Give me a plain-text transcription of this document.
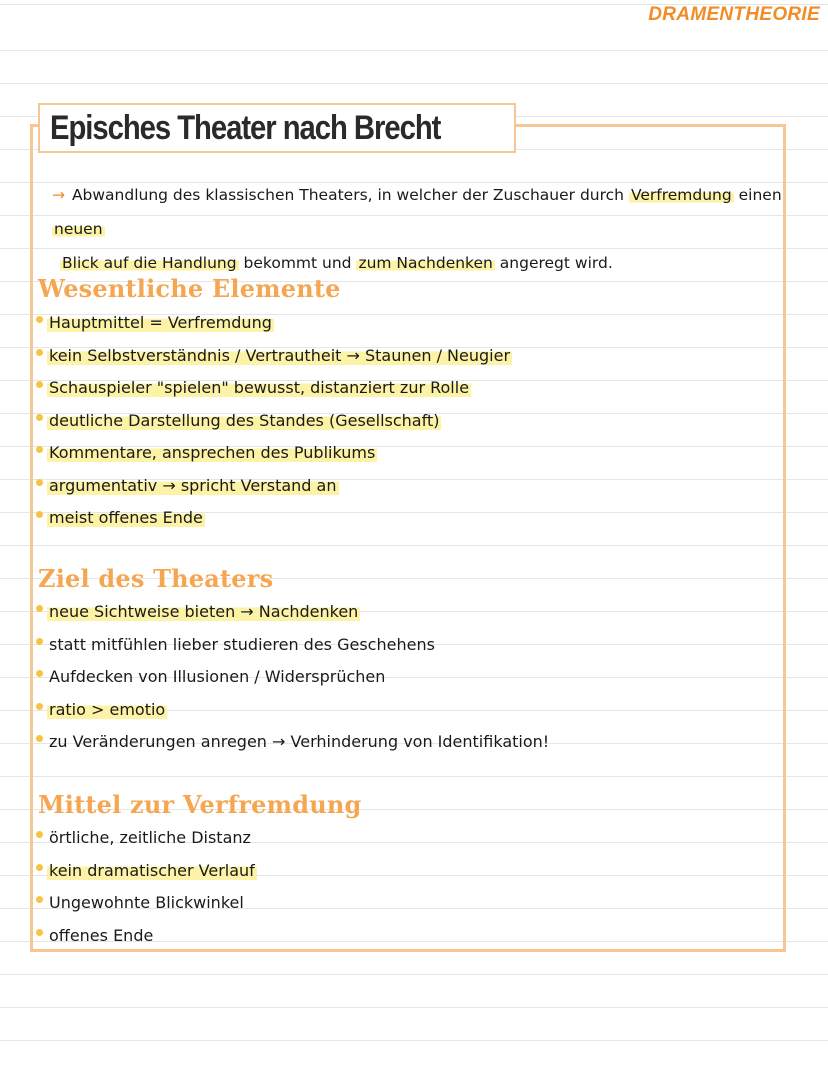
DRAMENTHEORIE
Episches Theater nach Brecht
→ Abwandlung des klassischen Theaters, in welcher der Zuschauer durch Verfremdung einen neuen
Blick auf die Handlung bekommt und zum Nachdenken angeregt wird.
Wesentliche Elemente
Hauptmittel = Verfremdung
kein Selbstverständnis / Vertrautheit → Staunen / Neugier
Schauspieler "spielen" bewusst, distanziert zur Rolle
deutliche Darstellung des Standes (Gesellschaft)
Kommentare, ansprechen des Publikums
argumentativ → spricht Verstand an
meist offenes Ende
Ziel des Theaters
neue Sichtweise bieten → Nachdenken
statt mitfühlen lieber studieren des Geschehens
Aufdecken von Illusionen / Widersprüchen
ratio > emotio
zu Veränderungen anregen → Verhinderung von Identifikation!
Mittel zur Verfremdung
örtliche, zeitliche Distanz
kein dramatischer Verlauf
Ungewohnte Blickwinkel
offenes Ende
